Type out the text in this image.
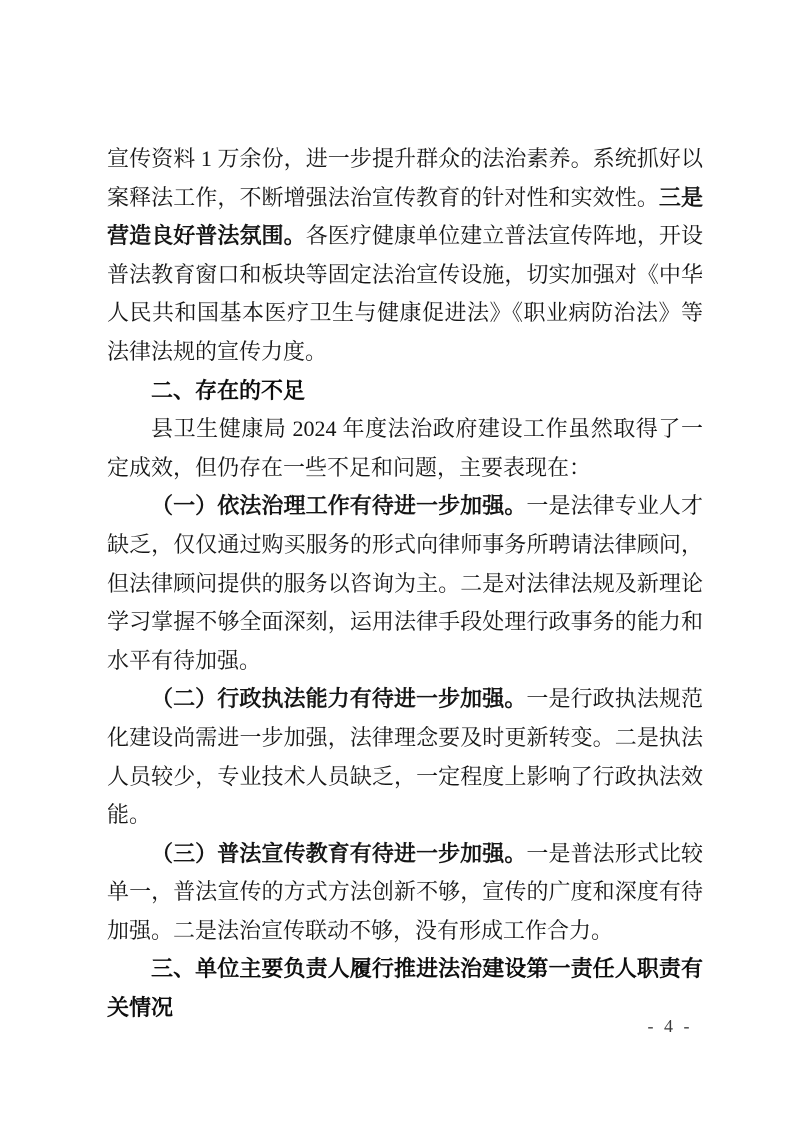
宣传资料 1 万余份，进一步提升群众的法治素养。系统抓好以案释法工作，不断增强法治宣传教育的针对性和实效性。三是营造良好普法氛围。各医疗健康单位建立普法宣传阵地，开设普法教育窗口和板块等固定法治宣传设施，切实加强对《中华人民共和国基本医疗卫生与健康促进法》《职业病防治法》等法律法规的宣传力度。
二、存在的不足
县卫生健康局 2024 年度法治政府建设工作虽然取得了一定成效，但仍存在一些不足和问题，主要表现在：
（一）依法治理工作有待进一步加强。一是法律专业人才缺乏，仅仅通过购买服务的形式向律师事务所聘请法律顾问，但法律顾问提供的服务以咨询为主。二是对法律法规及新理论学习掌握不够全面深刻，运用法律手段处理行政事务的能力和水平有待加强。
（二）行政执法能力有待进一步加强。一是行政执法规范化建设尚需进一步加强，法律理念要及时更新转变。二是执法人员较少，专业技术人员缺乏，一定程度上影响了行政执法效能。
（三）普法宣传教育有待进一步加强。一是普法形式比较单一，普法宣传的方式方法创新不够，宣传的广度和深度有待加强。二是法治宣传联动不够，没有形成工作合力。
三、单位主要负责人履行推进法治建设第一责任人职责有关情况
- 4 -
